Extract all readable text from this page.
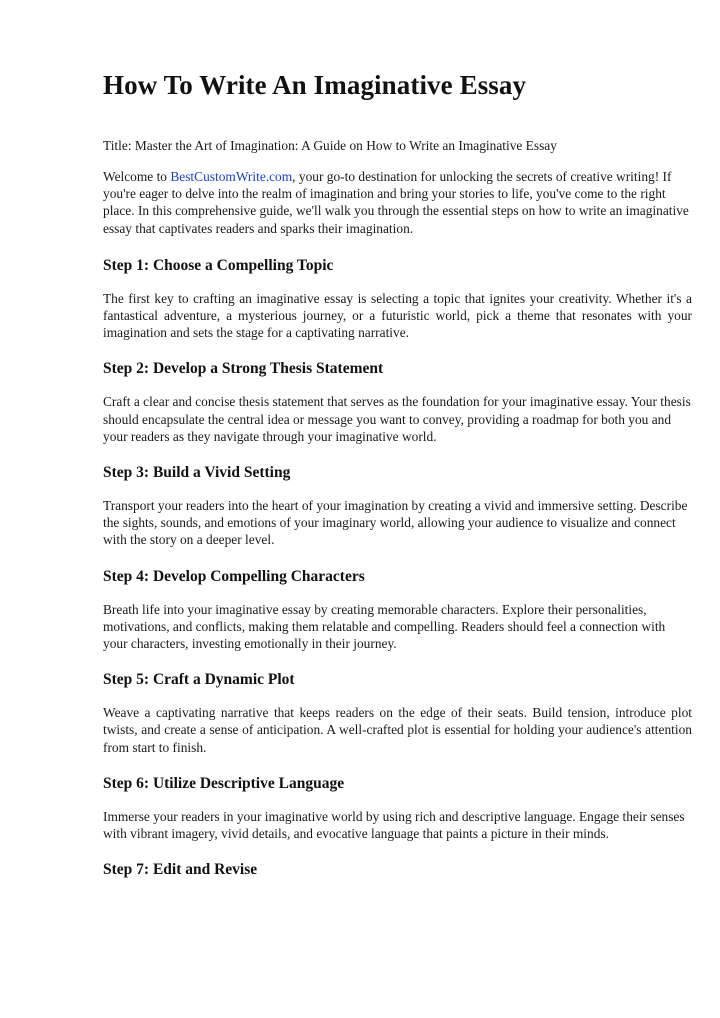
How To Write An Imaginative Essay

Title: Master the Art of Imagination: A Guide on How to Write an Imaginative Essay

Welcome to BestCustomWrite.com, your go-to destination for unlocking the secrets of creative writing! If you're eager to delve into the realm of imagination and bring your stories to life, you've come to the right place. In this comprehensive guide, we'll walk you through the essential steps on how to write an imaginative essay that captivates readers and sparks their imagination.

Step 1: Choose a Compelling Topic

The first key to crafting an imaginative essay is selecting a topic that ignites your creativity. Whether it's a fantastical adventure, a mysterious journey, or a futuristic world, pick a theme that resonates with your imagination and sets the stage for a captivating narrative.

Step 2: Develop a Strong Thesis Statement

Craft a clear and concise thesis statement that serves as the foundation for your imaginative essay. Your thesis should encapsulate the central idea or message you want to convey, providing a roadmap for both you and your readers as they navigate through your imaginative world.

Step 3: Build a Vivid Setting

Transport your readers into the heart of your imagination by creating a vivid and immersive setting. Describe the sights, sounds, and emotions of your imaginary world, allowing your audience to visualize and connect with the story on a deeper level.

Step 4: Develop Compelling Characters

Breath life into your imaginative essay by creating memorable characters. Explore their personalities, motivations, and conflicts, making them relatable and compelling. Readers should feel a connection with your characters, investing emotionally in their journey.

Step 5: Craft a Dynamic Plot

Weave a captivating narrative that keeps readers on the edge of their seats. Build tension, introduce plot twists, and create a sense of anticipation. A well-crafted plot is essential for holding your audience's attention from start to finish.

Step 6: Utilize Descriptive Language

Immerse your readers in your imaginative world by using rich and descriptive language. Engage their senses with vibrant imagery, vivid details, and evocative language that paints a picture in their minds.

Step 7: Edit and Revise
